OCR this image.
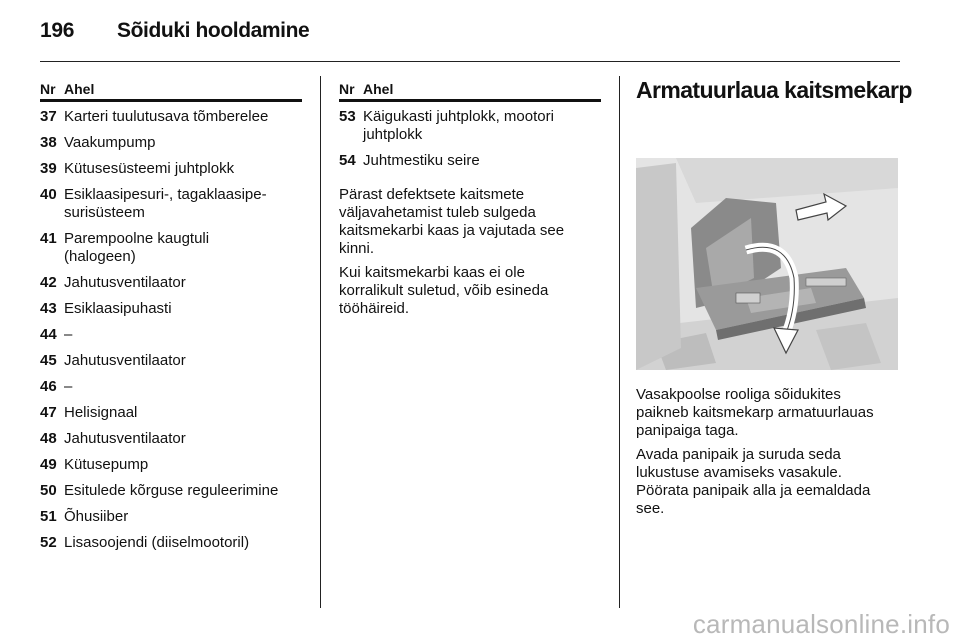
196 Sõiduki hooldamine
Nr Ahel
37 Karteri tuulutusava tõmberelee
38 Vaakumpump
39 Kütusesüsteemi juhtplokk
40 Esiklaasipesuri-, tagaklaasipe-
surisüsteem
41 Parempoolne kaugtuli
(halogeen)
42 Jahutusventilaator
43 Esiklaasipuhasti
44 –
45 Jahutusventilaator
46 –
47 Helisignaal
48 Jahutusventilaator
49 Kütusepump
50 Esitulede kõrguse reguleerimine
51 Õhusiiber
52 Lisasoojendi (diiselmootoril)
Nr Ahel
53 Käigukasti juhtplokk, mootori
juhtplokk
54 Juhtmestiku seire

Pärast defektsete kaitsmete
väljavahetamist tuleb sulgeda
kaitsmekarbi kaas ja vajutada see
kinni.

Kui kaitsmekarbi kaas ei ole
korralikult suletud, võib esineda
tööhäireid.

Armatuurlaua kaitsmekarp

Vasakpoolse rooliga sõidukites
paikneb kaitsmekarp armatuurlauas
panipaiga taga.

Avada panipaik ja suruda seda
lukustuse avamiseks vasakule.
Pöörata panipaik alla ja eemaldada
see.

carmanualsonline.info
